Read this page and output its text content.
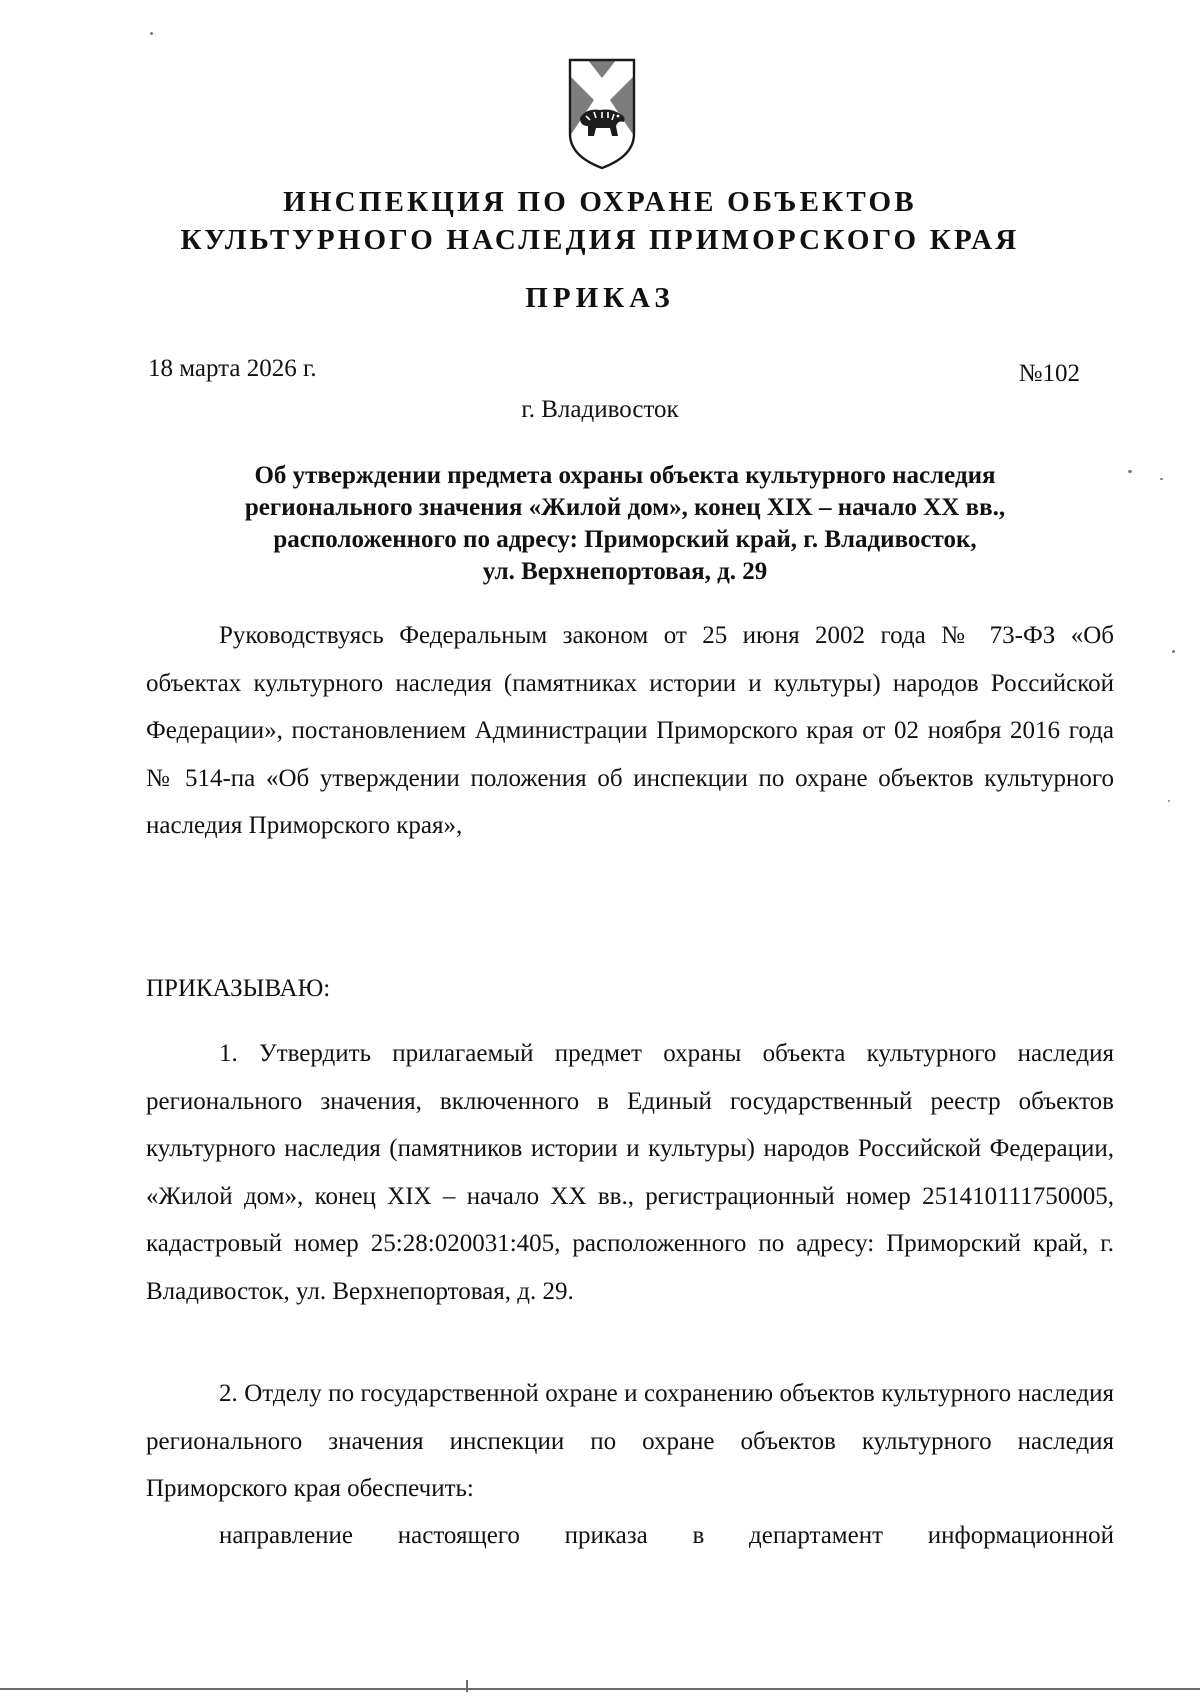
ИНСПЕКЦИЯ ПО ОХРАНЕ ОБЪЕКТОВ
КУЛЬТУРНОГО НАСЛЕДИЯ ПРИМОРСКОГО КРАЯ
ПРИКАЗ
18 марта 2026 г.	№102
г. Владивосток
Об утверждении предмета охраны объекта культурного наследия
регионального значения «Жилой дом», конец XIX – начало XX вв.,
расположенного по адресу: Приморский край, г. Владивосток,
ул. Верхнепортовая, д. 29
Руководствуясь Федеральным законом от 25 июня 2002 года № 73-ФЗ «Об объектах культурного наследия (памятниках истории и культуры) народов Российской Федерации», постановлением Администрации Приморского края от 02 ноября 2016 года № 514-па «Об утверждении положения об инспекции по охране объектов культурного наследия Приморского края»,
ПРИКАЗЫВАЮ:
1. Утвердить прилагаемый предмет охраны объекта культурного наследия регионального значения, включенного в Единый государственный реестр объектов культурного наследия (памятников истории и культуры) народов Российской Федерации, «Жилой дом», конец XIX – начало XX вв., регистрационный номер 251410111750005, кадастровый номер 25:28:020031:405, расположенного по адресу: Приморский край, г. Владивосток, ул. Верхнепортовая, д. 29.
2. Отделу по государственной охране и сохранению объектов культурного наследия регионального значения инспекции по охране объектов культурного наследия Приморского края обеспечить:
направление настоящего приказа в департамент информационной
